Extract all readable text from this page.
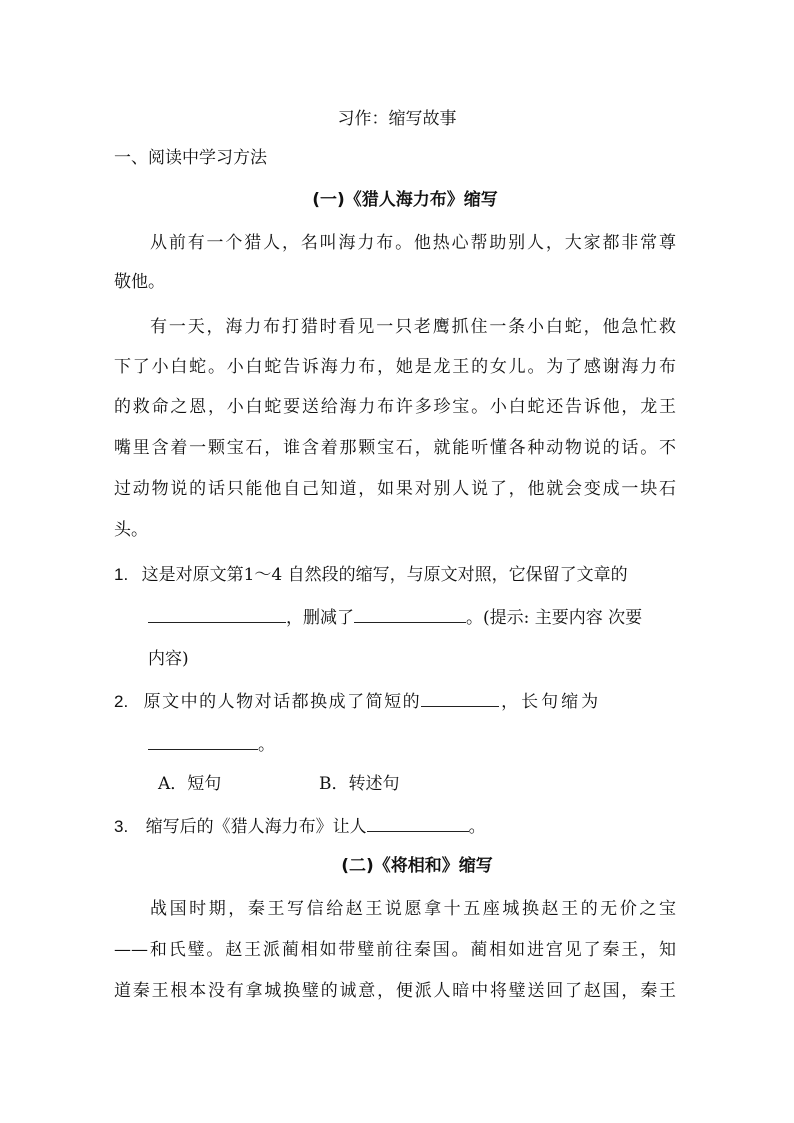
习作：缩写故事
一、阅读中学习方法
(一)《猎人海力布》缩写
从前有一个猎人，名叫海力布。他热心帮助别人，大家都非常尊
敬他。
有一天，海力布打猎时看见一只老鹰抓住一条小白蛇，他急忙救
下了小白蛇。小白蛇告诉海力布，她是龙王的女儿。为了感谢海力布
的救命之恩，小白蛇要送给海力布许多珍宝。小白蛇还告诉他，龙王
嘴里含着一颗宝石，谁含着那颗宝石，就能听懂各种动物说的话。不
过动物说的话只能他自己知道，如果对别人说了，他就会变成一块石
头。
1. 这是对原文第1～4 自然段的缩写，与原文对照，它保留了文章的
，删减了	。(提示: 主要内容 次要
内容)
2. 原文中的人物对话都换成了简短的	，长句缩为
。
A．短句	B．转述句
3. 缩写后的《猎人海力布》让人	。
(二)《将相和》缩写
战国时期，秦王写信给赵王说愿拿十五座城换赵王的无价之宝
——和氏璧。赵王派蔺相如带璧前往秦国。蔺相如进宫见了秦王，知
道秦王根本没有拿城换璧的诚意，便派人暗中将璧送回了赵国，秦王
